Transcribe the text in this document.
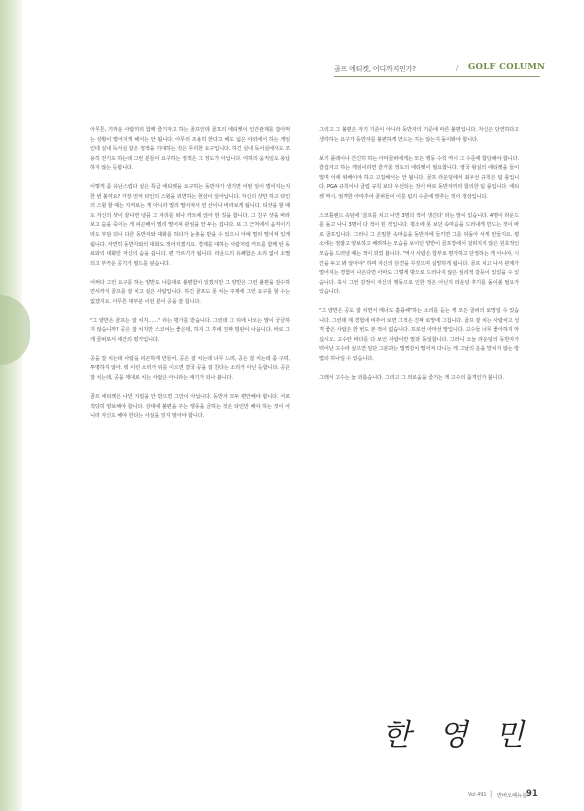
골프 에티켓, 어디까지인가?	/ GOLF COLUMN

아무튼, 기까운 사람끼리 함께 즐기자고 하는 골프인데 골프의 에티켓이 인간관계를 잡아먹는 상황이 벌어지게 해서는 안 됩니다. 아무리 조용히 한다고 해도 넓은 야외에서 하는 게임인데 실내 독서실 같은 정적을 기대하는 것은 무리한 요구입니다. 하긴 실내 독서실에서도 조용히 걷기도 하는데 그런 분들이 요구하는 정적은 그 정도가 아닙니다. 여하의 움직임도 용납하지 않는 듯합니다.

이렇게 좀 유난스럽다 싶은 특급 에티켓을 요구하는 동반자가 생기면 어떤 일이 벌어지는지 한 번 볼까요? 가장 먼저 타인의 스윙을 외면하는 현상이 일어납니다. 자신의 샷만 하고 타인의 스윙 할 때는 지켜보는 게 아니라 멀리 떨어져서 먼 산이나 바라보게 됩니다. 티샷을 할 때도 자신의 샷이 끝나면 냉큼 그 자리를 떠나 카트에 앉아 딴 짓을 합니다. 그 친구 샷을 바라보고 숨을 죽이는 게 피곤해서 멀리 떨어져 관심을 안 두는 겁니다. 또 그 근처에서 움직이기라도 부담 되니 다른 동반자와 대화를 하다가 눈총을 받을 수 있으니 아예 멀리 떨어져 있게 됩니다. 자연히 동반자와의 대화도 적어지겠지요. 경계를 대하는 사람처럼 카트를 함께 탄 동료와의 대화만 자신의 숨을 쉽니다. 편 가르기가 됩니다. 라운드의 유쾌함은 소리 없이 소멸되고 부카운 공기가 필드를 덮습니다.

어쩌다 그런 요구를 하는 양반도 나름대로 불편함이 있겠지만 그 양반은 그런 불편을 감수하면서까지 골프를 잘 치고 싶은 사람입니다. 하긴 골프도 못 치는 주제에 그런 요구를 할 수는 없겠지요. 아무튼 대부분 이런 분이 공을 잘 칩니다.

"그 양반은 골프는 잘 치지……" 라는 평가를 받습니다. 그런데 그 뒤에 나오는 말이 궁금하지 않습니까? 공은 잘 치지만 스코어는 좋은데, 하지 그 후에 진짜 평판이 나옵니다. 바로 그게 골퍼로서 세간의 평가입니다.

공을 잘 치는데 사람을 피곤하게 만들어, 공은 잘 치는데 너무 느려, 공은 잘 치는데 좀 구려, 투명하지 않아. 뭐 이런 소리가 뒤를 이으면 결국 공을 잘 친다는 소리가 아닌 듯합니다. 공은 잘 치는데, 공을 제대로 치는 사람은 아니라는 얘기가 되나 봅니다.

골프 에티켓은 나만 지킬을 안 받으면 그만이 아닙니다. 동반자 모두 편안해야 합니다. 서로 적당히 양보해야 합니다. 상대에 불편을 주는 행동을 금하는 것은 타인만 해야 하는 것이 아니라 자신도 해야 한다는 사실을 잊지 말아야 합니다.

그리고 그 불편은 자기 기준이 아니라 동반자의 기준에 따른 불편입니다. 자신은 당연하다고 생각하는 요구가 동반자를 불편하게 만드는 지는 않는지 돌이봐야 합니다.

보기 플레이나 간신히 하는 아마골퍼에게는 모든 행동 수칙 역시 그 수준에 합당해야 합니다. 즐겁자고 하는 게임이라면 즐거울 정도의 에티켓이 필요합니다. 영국 왕실의 에티켓을 들이밀며 이에 위배이야 하고 고집해서는 안 됩니다. 골프 라운딩에서 최우선 규칙은 팀 룰입니다. PGA 규칙이나 클럽 규칙 보다 우선되는 것이 바로 동반자끼리 합의한 팀 룰입니다. 에티켓 역시, 엄격한 아마추어 골퍼들이 이룬 팀의 수준에 맞추는 것이 정상입니다.

스코틀랜드 속담에 '골프를 치고 나면 3명의 적이 생긴다' 라는 말이 있습니다. 4명이 라운드를 돌고 나니 3명이 다 적이 된 것입니다. 평소에 못 보던 속마음을 드러내게 만드는 것이 바로 골프입니다. 그러니 그 은밀한 속마음을 동반자에 들키면 그를 뒤돌아 서게 만들지요. 평소에는 점잖고 양보하고 배려하는 모습을 보이던 양반이 골프장에서 걸려지지 않은 원초적인 모습을 드러낼 때는 적이 되었 봅니다. "역시 사람은 함부로 평가하고 단정하는 게 아니야, 시간을 두고 봐 알아야" 하며 자신의 단견을 꾸짖으며 실망하게 됩니다. 골프 치고 나서 관계가 멀어지는 경험이 나온다면 아마도 그렇게 밖으로 드러나지 않은 심리적 갈등이 있었을 수 있습니다. 혹시 그런 감정이 자신의 행동으로 인한 것은 아닌지 라운딩 후기를 돌이볼 필요가 있습니다.

"그 양반은 공도 잘 치면서 매너도 훌륭해"하는 소리를 듣는 게 모든 골퍼의 로망일 수 있습니다. 그런데 제 경험에 비추어 보면 그것은 진짜 로망에 그칩니다. 골프 잘 치는 사람치고 성격 좋은 사람은 한 번도 본 적이 없습니다. 프로선 아마선 말입니다. 고수들 너무 좋아하지 마십시오. 고수란 바다를 다 보인 사람이란 말과 동일합니다. 그러니 오늘 라운딩의 동반자가 뛰어난 고수라 싶으면 일단 그분과는 멀찍감치 떨어져 다니는 게 그날의 운을 망치지 않는 방법의 하나일 수 있습니다.

그래서 고수는 늘 외롭습니다. 그리고 그 외로움을 즐기는 게 고수의 품격인가 봅니다.

한 영 민
Vol.491 | 반버오페뉴실
91
